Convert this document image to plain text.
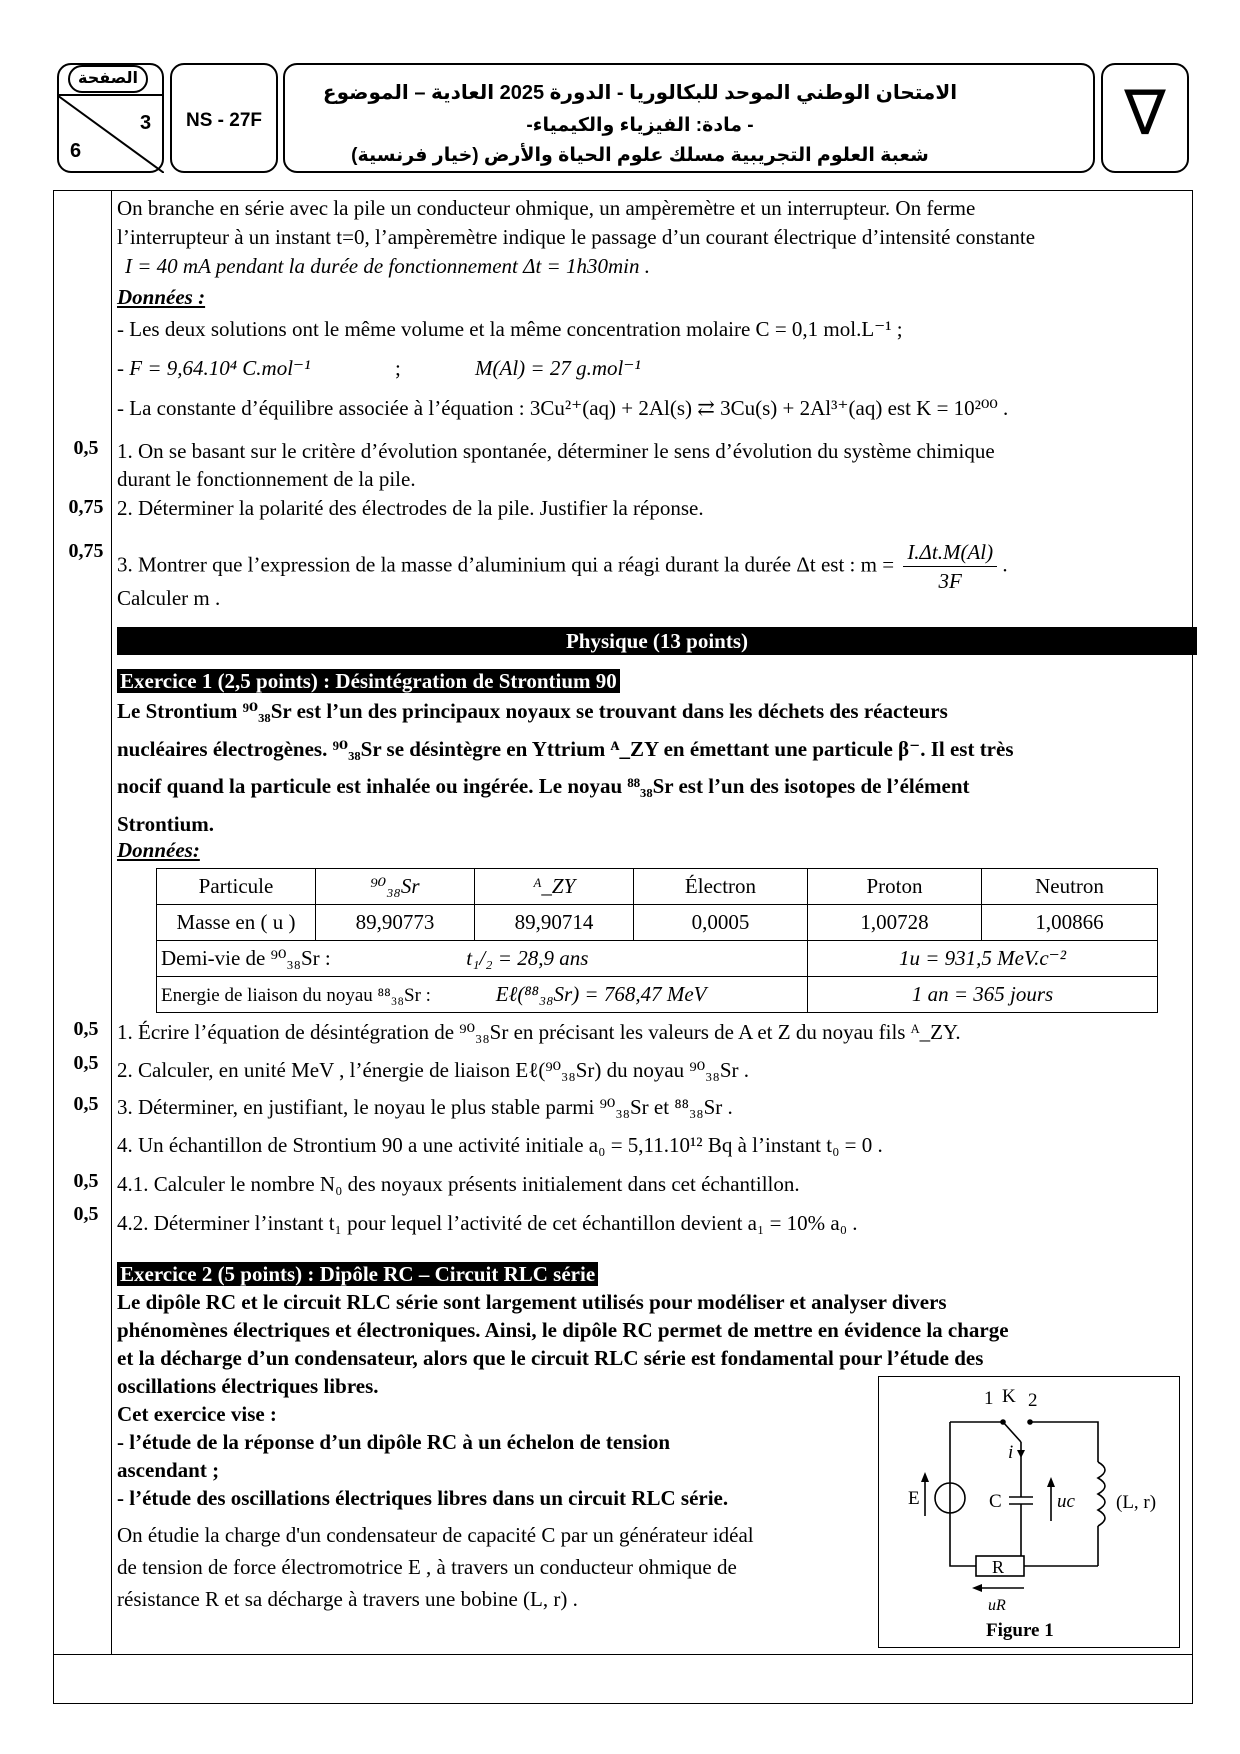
الصفحة
3
6
NS - 27F
الامتحان الوطني الموحد للبكالوريا - الدورة 2025 العادية – الموضوع
- مادة: الفيزياء والكيمياء-
شعبة العلوم التجريبية مسلك علوم الحياة والأرض (خيار فرنسية)
∇
On branche en série avec la pile un conducteur ohmique, un ampèremètre et un interrupteur. On ferme
l’interrupteur à un instant t=0, l’ampèremètre indique le passage d’un courant électrique d’intensité constante
I = 40 mA pendant la durée de fonctionnement Δt = 1h30min .
Données :
- Les deux solutions ont le même volume et la même concentration molaire C = 0,1 mol.L⁻¹ ;
- F = 9,64.10⁴ C.mol⁻¹	;	M(Al) = 27 g.mol⁻¹
- La constante d’équilibre associée à l’équation : 3Cu²⁺(aq) + 2Al(s) ⇄ 3Cu(s) + 2Al³⁺(aq) est K = 10²⁰⁰ .
0,5 1. On se basant sur le critère d’évolution spontanée, déterminer le sens d’évolution du système chimique
durant le fonctionnement de la pile.
0,75 2. Déterminer la polarité des électrodes de la pile. Justifier la réponse.
0,75
3. Montrer que l’expression de la masse d’aluminium qui a réagi durant la durée Δt est : $m = \frac{I.\Delta t.M(Al)}{3F}$ .
Calculer m .
Physique (13 points)
Exercice 1 (2,5 points) : Désintégration de Strontium 90
Le Strontium ⁹⁰₃₈Sr est l’un des principaux noyaux se trouvant dans les déchets des réacteurs
nucléaires électrogènes. ⁹⁰₃₈Sr se désintègre en Yttrium ᴬ_ZY en émettant une particule β⁻. Il est très
nocif quand la particule est inhalée ou ingérée. Le noyau ⁸⁸₃₈Sr est l’un des isotopes de l’élément
Strontium.
Données:
Particule	⁹⁰₃₈Sr	ᴬ_ZY	Électron	Proton	Neutron
Masse en ( u )	89,90773	89,90714	0,0005	1,00728	1,00866
Demi-vie de ⁹⁰₃₈Sr : t₁/₂ = 28,9 ans				1u = 931,5 MeV.c⁻²	
Energie de liaison du noyau ⁸⁸₃₈Sr : Eℓ(⁸⁸₃₈Sr) = 768,47 MeV				1 an = 365 jours	
0,5 1. Écrire l’équation de désintégration de ⁹⁰₃₈Sr en précisant les valeurs de A et Z du noyau fils ᴬ_ZY.
0,5 2. Calculer, en unité MeV , l’énergie de liaison Eℓ(⁹⁰₃₈Sr) du noyau ⁹⁰₃₈Sr .
0,5 3. Déterminer, en justifiant, le noyau le plus stable parmi ⁹⁰₃₈Sr et ⁸⁸₃₈Sr .
4. Un échantillon de Strontium 90 a une activité initiale a₀ = 5,11.10¹² Bq à l’instant t₀ = 0 .
0,5 4.1. Calculer le nombre N₀ des noyaux présents initialement dans cet échantillon.
0,5 4.2. Déterminer l’instant t₁ pour lequel l’activité de cet échantillon devient a₁ = 10% a₀ .
Exercice 2 (5 points) : Dipôle RC – Circuit RLC série
Le dipôle RC et le circuit RLC série sont largement utilisés pour modéliser et analyser divers
phénomènes électriques et électroniques. Ainsi, le dipôle RC permet de mettre en évidence la charge
et la décharge d’un condensateur, alors que le circuit RLC série est fondamental pour l’étude des
oscillations électriques libres.
Cet exercice vise :
- l’étude de la réponse d’un dipôle RC à un échelon de tension
ascendant ;
- l’étude des oscillations électriques libres dans un circuit RLC série.
On étudie la charge d'un condensateur de capacité C par un générateur idéal
de tension de force électromotrice E , à travers un conducteur ohmique de
résistance R et sa décharge à travers une bobine (L, r) .
1 K 2
i
E	C	uc (L, r)
R
uR
Figure 1
